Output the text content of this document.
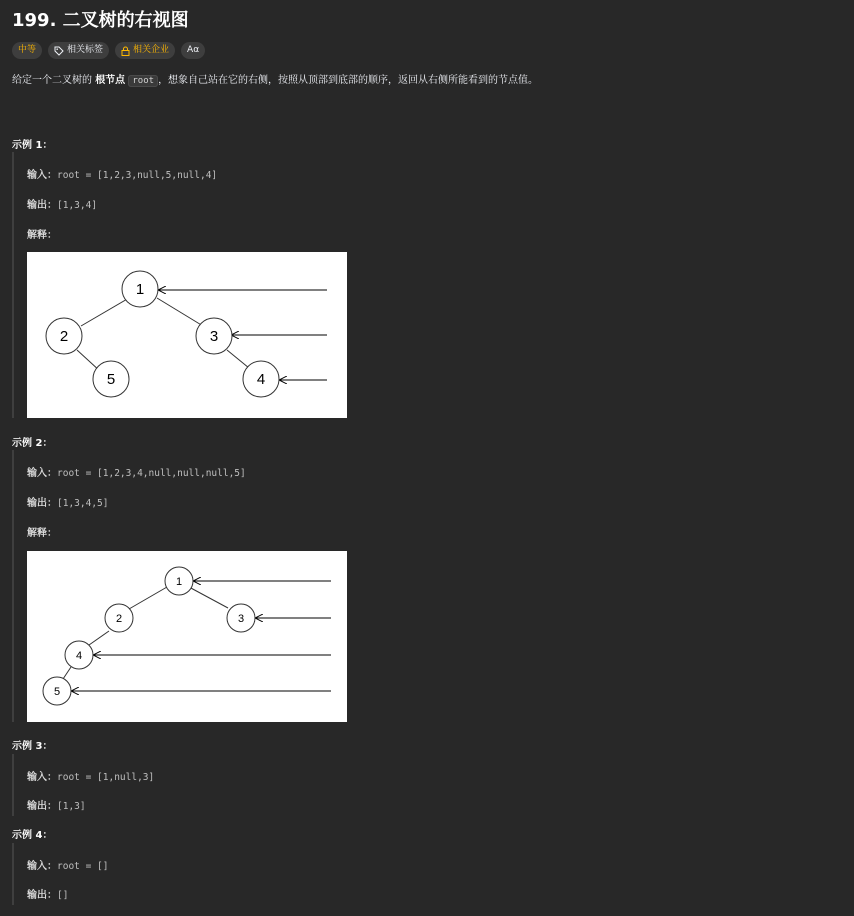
199. 二叉树的右视图
中等	相关标签	相关企业	Aα
给定一个二叉树的 根节点 root ，想象自己站在它的右侧，按照从顶部到底部的顺序，返回从右侧所能看到的节点值。
示例 1：
输入：root = [1,2,3,null,5,null,4]
输出：[1,3,4]
解释：
1
2	3
5	4
示例 2：
输入：root = [1,2,3,4,null,null,null,5]
输出：[1,3,4,5]
解释：
1
2	3
4
5
示例 3：
输入：root = [1,null,3]
输出：[1,3]
示例 4：
输入：root = []
输出：[]
